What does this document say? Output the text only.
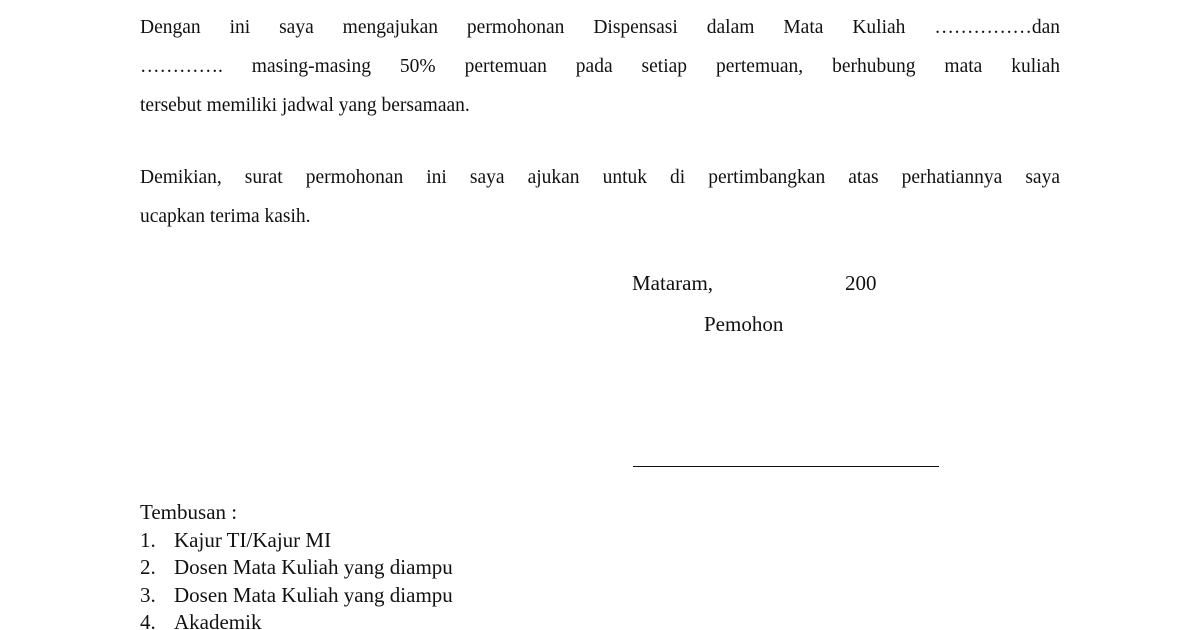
Dengan ini saya mengajukan permohonan Dispensasi dalam Mata Kuliah ……………dan
…………. masing-masing 50% pertemuan pada setiap pertemuan, berhubung mata kuliah
tersebut memiliki jadwal yang bersamaan.

Demikian, surat permohonan ini saya ajukan untuk di pertimbangkan atas perhatiannya saya
ucapkan terima kasih.

Mataram,	200
Pemohon
Tembusan :
1. Kajur TI/Kajur MI
2. Dosen Mata Kuliah yang diampu
3. Dosen Mata Kuliah yang diampu
4. Akademik
